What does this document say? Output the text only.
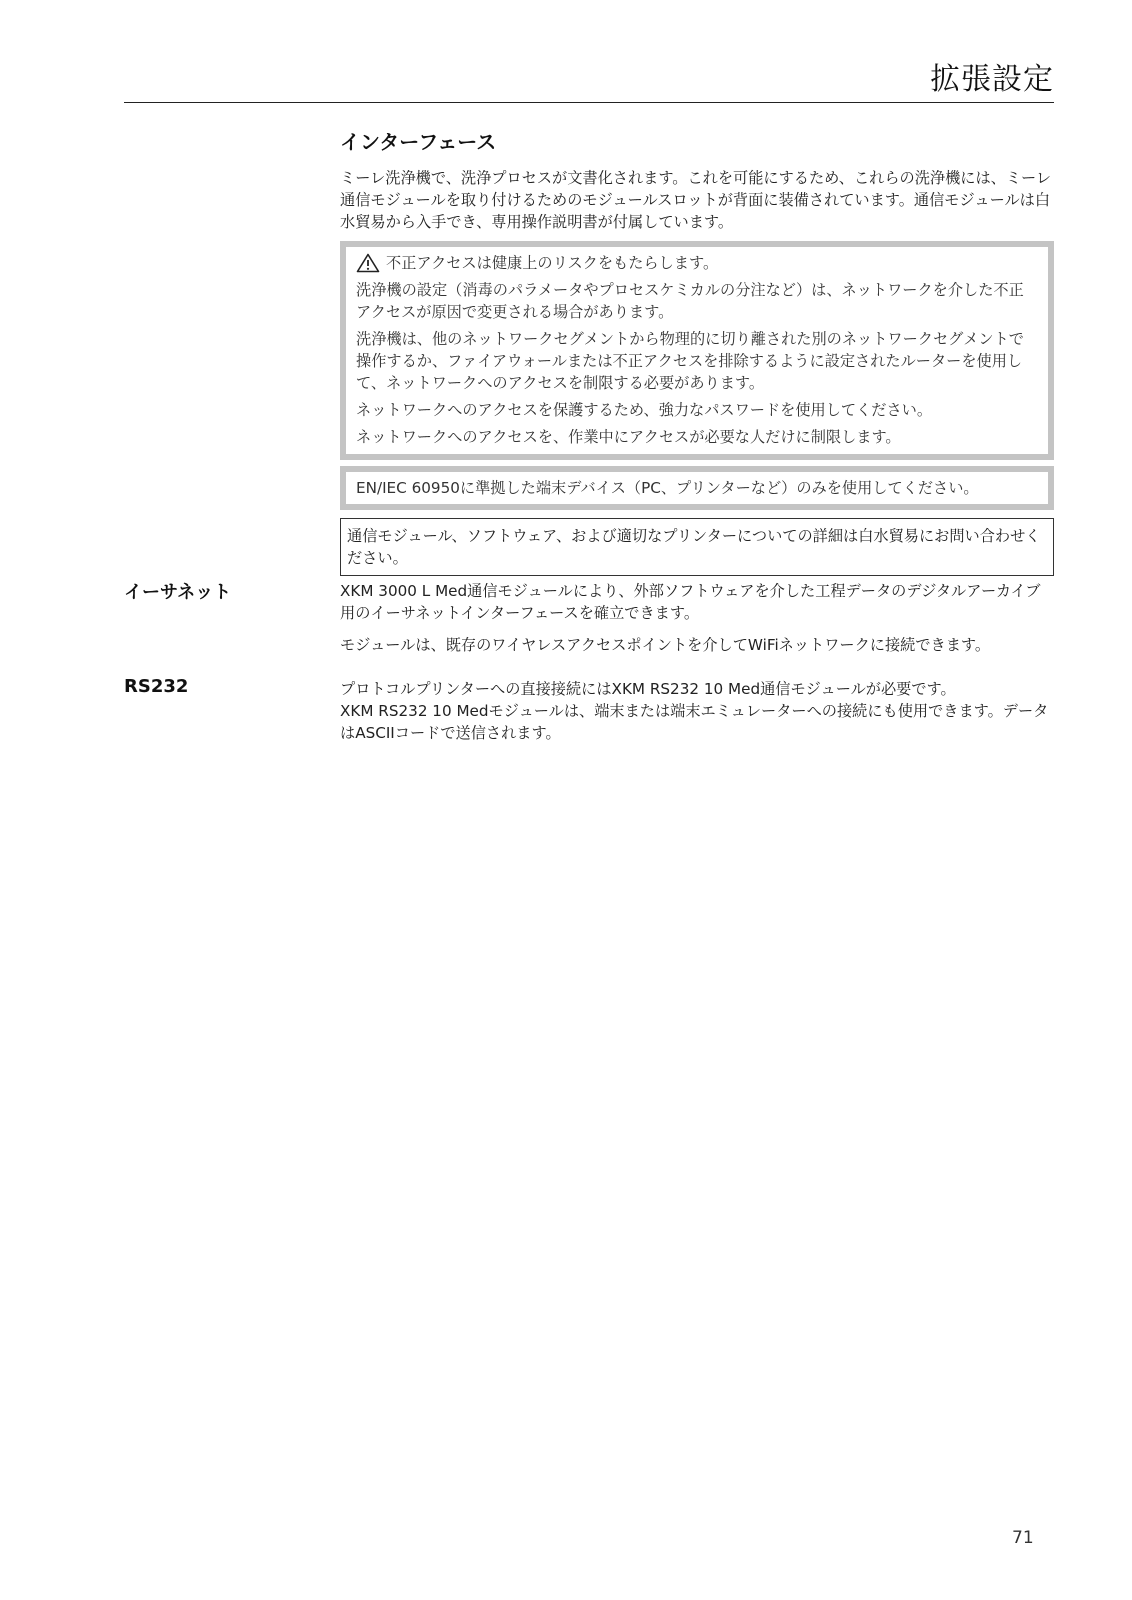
拡張設定
インターフェース

ミーレ洗浄機で、洗浄プロセスが文書化されます。これを可能にするため、これらの洗浄機には、ミーレ通信モジュールを取り付けるためのモジュールスロットが背面に装備されています。通信モジュールは白水貿易から入手でき、専用操作説明書が付属しています。

不正アクセスは健康上のリスクをもたらします。

洗浄機の設定（消毒のパラメータやプロセスケミカルの分注など）は、ネットワークを介した不正アクセスが原因で変更される場合があります。

洗浄機は、他のネットワークセグメントから物理的に切り離された別のネットワークセグメントで操作するか、ファイアウォールまたは不正アクセスを排除するように設定されたルーターを使用して、ネットワークへのアクセスを制限する必要があります。

ネットワークへのアクセスを保護するため、強力なパスワードを使用してください。

ネットワークへのアクセスを、作業中にアクセスが必要な人だけに制限します。

EN/IEC 60950に準拠した端末デバイス（PC、プリンターなど）のみを使用してください。
通信モジュール、ソフトウェア、および適切なプリンターについての詳細は白水貿易にお問い合わせください。
イーサネット	XKM 3000 L Med通信モジュールにより、外部ソフトウェアを介した工程データのデジタルアーカイブ用のイーサネットインターフェースを確立できます。

モジュールは、既存のワイヤレスアクセスポイントを介してWiFiネットワークに接続できます。

RS232	プロトコルプリンターへの直接接続にはXKM RS232 10 Med通信モジュールが必要です。

XKM RS232 10 Medモジュールは、端末または端末エミュレーターへの接続にも使用できます。データはASCIIコードで送信されます。

71
